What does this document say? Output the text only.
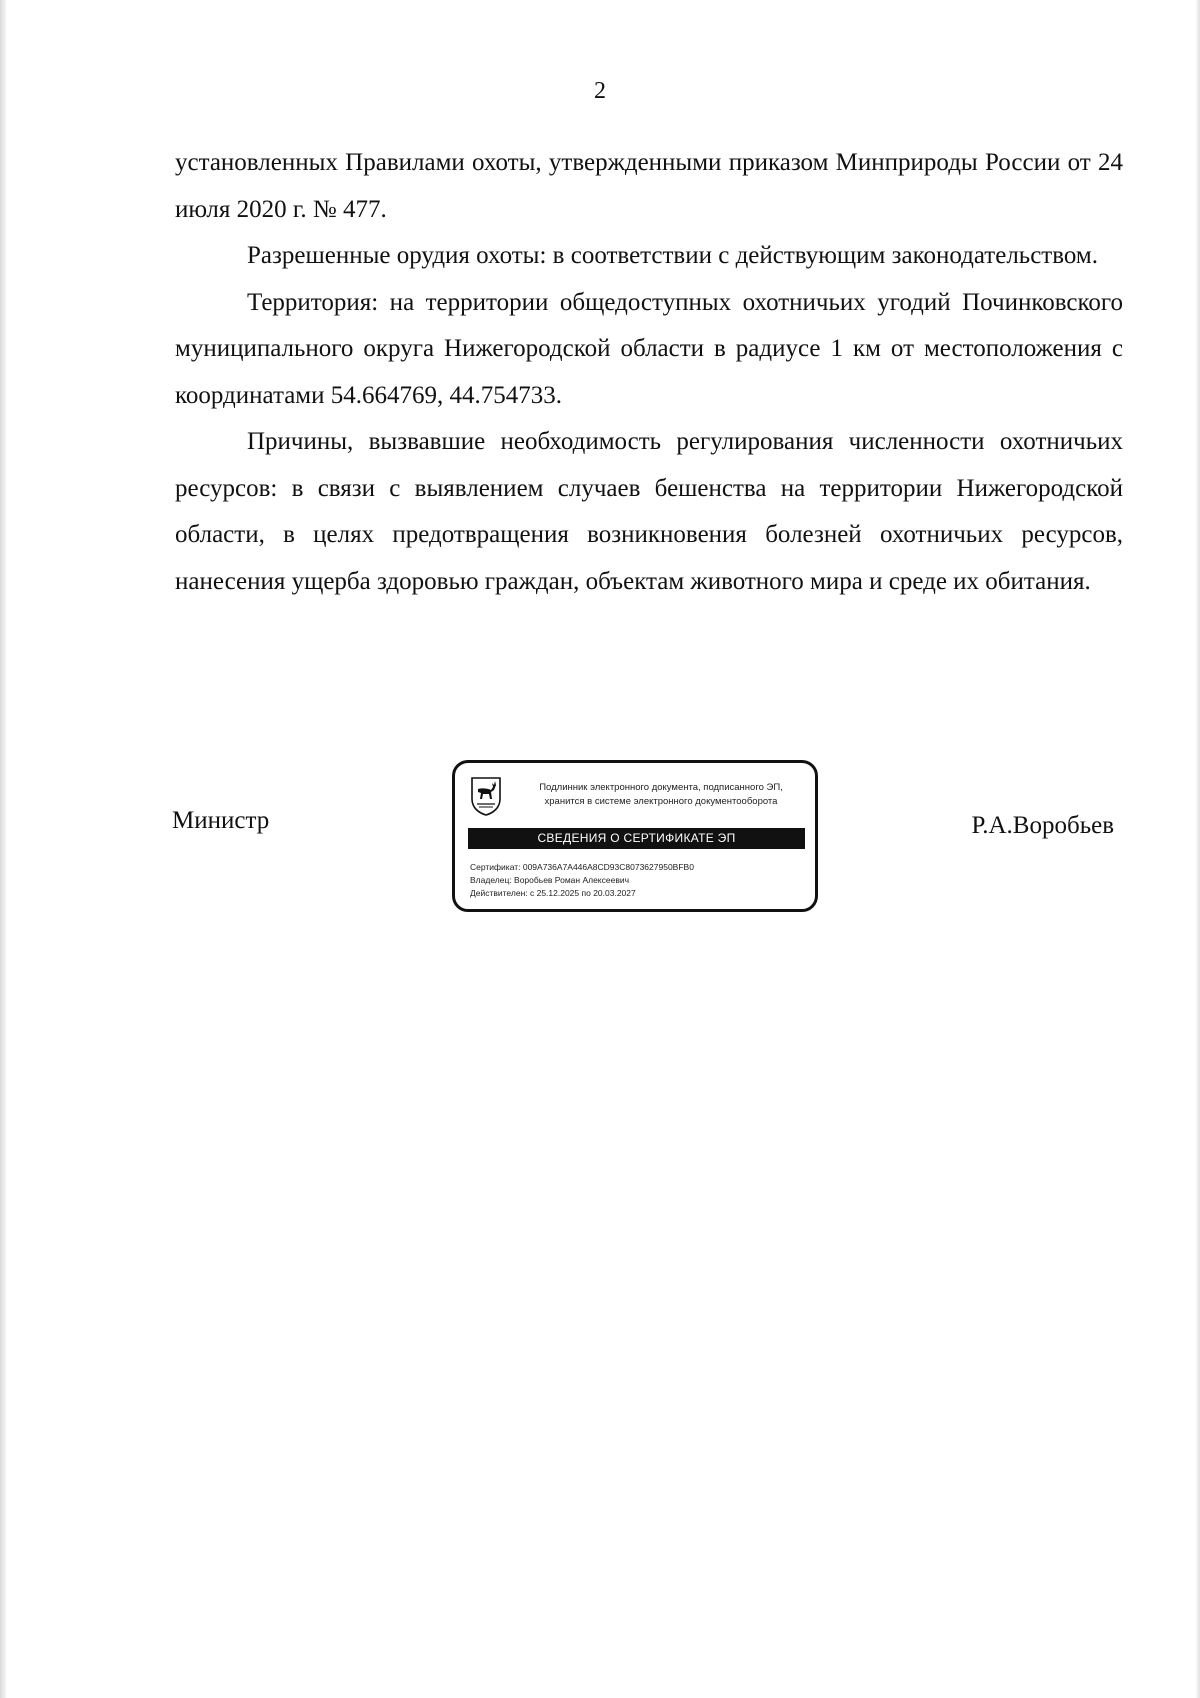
2

установленных Правилами охоты, утвержденными приказом Минприроды России от 24 июля 2020 г. № 477.

Разрешенные орудия охоты: в соответствии с действующим законодательством.

Территория: на территории общедоступных охотничьих угодий Починковского муниципального округа Нижегородской области в радиусе 1 км от местоположения с координатами 54.664769, 44.754733.

Причины, вызвавшие необходимость регулирования численности охотничьих ресурсов: в связи с выявлением случаев бешенства на территории Нижегородской области, в целях предотвращения возникновения болезней охотничьих ресурсов, нанесения ущерба здоровью граждан, объектам животного мира и среде их обитания.

Министр
Подлинник электронного документа, подписанного ЭП,
хранится в системе электронного документооборота
СВЕДЕНИЯ О СЕРТИФИКАТЕ ЭП
Сертификат: 009A736A7A446A8CD93C8073627950BFB0
Владелец: Воробьев Роман Алексеевич
Действителен: с 25.12.2025 по 20.03.2027
Р.А.Воробьев
